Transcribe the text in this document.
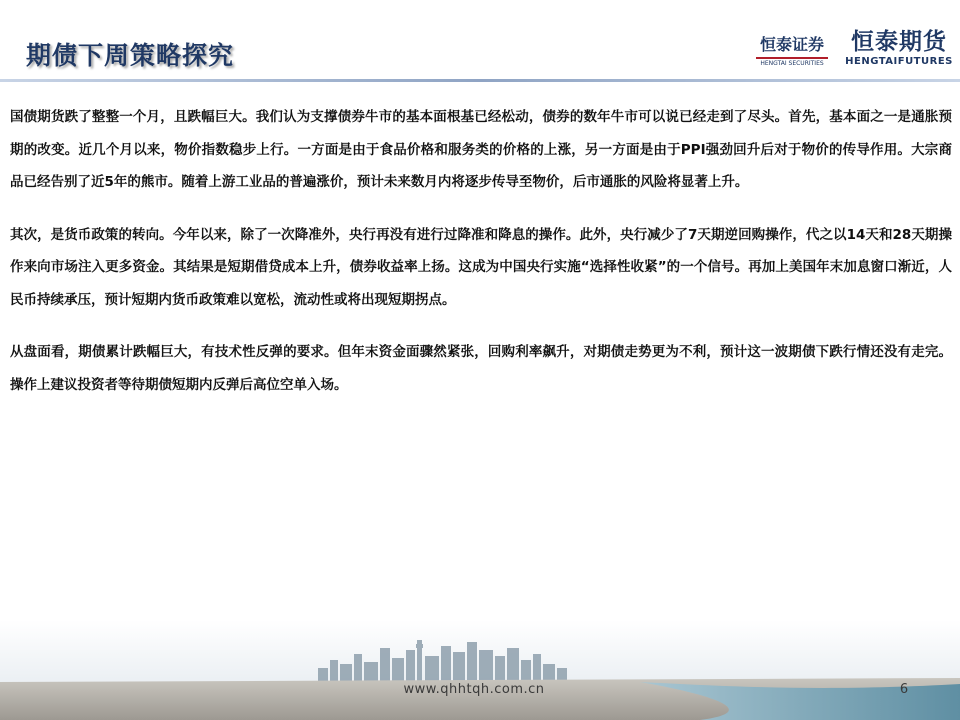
期债下周策略探究	恒泰证券
HENGTAI SECURITIES
恒泰期货
HENGTAIFUTURES

国债期货跌了整整一个月，且跌幅巨大。我们认为支撑债券牛市的基本面根基已经松动，债券的数年牛市可以说已经走到了尽头。首先，基本面之一是通胀预期的改变。近几个月以来，物价指数稳步上行。一方面是由于食品价格和服务类的价格的上涨，另一方面是由于PPI强劲回升后对于物价的传导作用。大宗商品已经告别了近5年的熊市。随着上游工业品的普遍涨价，预计未来数月内将逐步传导至物价，后市通胀的风险将显著上升。

其次，是货币政策的转向。今年以来，除了一次降准外，央行再没有进行过降准和降息的操作。此外，央行减少了7天期逆回购操作，代之以14天和28天期操作来向市场注入更多资金。其结果是短期借贷成本上升，债券收益率上扬。这成为中国央行实施“选择性收紧”的一个信号。再加上美国年末加息窗口渐近，人民币持续承压，预计短期内货币政策难以宽松，流动性或将出现短期拐点。

从盘面看，期债累计跌幅巨大，有技术性反弹的要求。但年末资金面骤然紧张，回购利率飙升，对期债走势更为不利，预计这一波期债下跌行情还没有走完。操作上建议投资者等待期债短期内反弹后高位空单入场。

www.qhhtqh.com.cn	6
